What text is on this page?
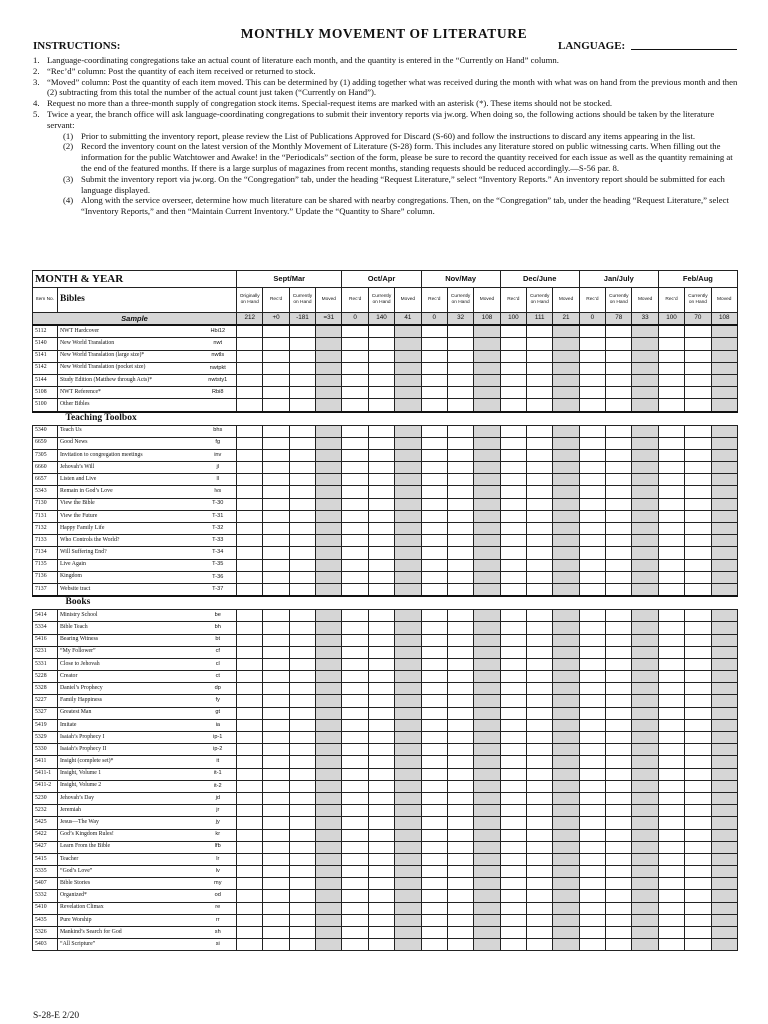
MONTHLY MOVEMENT OF LITERATURE
INSTRUCTIONS:	LANGUAGE:
1. Language-coordinating congregations take an actual count of literature each month, and the quantity is entered in the “Currently on Hand” column.
2. “Rec’d” column: Post the quantity of each item received or returned to stock.
3. “Moved” column: Post the quantity of each item moved. This can be determined by (1) adding together what was received during the month with what was on hand from the previous month and then (2) subtracting from this total the number of the actual count just taken (“Currently on Hand”).
4. Request no more than a three-month supply of congregation stock items. Special-request items are marked with an asterisk (*). These items should not be stocked.
5. Twice a year, the branch office will ask language-coordinating congregations to submit their inventory reports via jw.org. When doing so, the following actions should be taken by the literature servant:
(1) Prior to submitting the inventory report, please review the List of Publications Approved for Discard (S-60) and follow the instructions to discard any items appearing in the list.
(2) Record the inventory count on the latest version of the Monthly Movement of Literature (S-28) form. This includes any literature stored on public witnessing carts. When filling out the information for the public Watchtower and Awake! in the “Periodicals” section of the form, please be sure to record the quantity received for each issue as well as the quantity remaining at the end of the featured months. If there is a large surplus of magazines from recent months, standing requests should be reduced accordingly.—S-56 par. 8.
(3) Submit the inventory report via jw.org. On the “Congregation” tab, under the heading “Request Literature,” select “Inventory Reports.” An inventory report should be submitted for each language displayed.
(4) Along with the service overseer, determine how much literature can be shared with nearby congregations. Then, on the “Congregation” tab, under the heading “Request Literature,” select “Inventory Reports,” and then “Maintain Current Inventory.” Update the “Quantity to Share” column.
MONTH & YEAR			Sept/Mar				Oct/Apr			Nov/May			Dec/June			Jan/July			Feb/Aug		
Item No.	Bibles		Originally on Hand	Rec’d	Currently on Hand	Moved	Rec’d	Currently on Hand	Moved	Rec’d	Currently on Hand	Moved	Rec’d	Currently on Hand	Moved	Rec’d	Currently on Hand	Moved	Rec’d	Currently on Hand	Moved
Sample			212	+0	-181	=31	0	140	41	0	32	108	100	111	21	0	78	33	100	70	108
5112	NWT Hardcover	Hbi12																			
5140	New World Translation	nwt																			
5141	New World Translation (large size)*	nwtls																			
5142	New World Translation (pocket size)	nwtpkt																			
5144	Study Edition (Matthew through Acts)*	nwtsty1																			
5108	NWT Reference*	Rbi8																			
5100	Other Bibles																				
Teaching Toolbox																					
5340	Teach Us	bhs																			
6659	Good News	fg																			
7305	Invitation to congregation meetings	inv																			
6660	Jehovah’s Will	jl																			
6657	Listen and Live	ll																			
5343	Remain in God’s Love	lvs																			
7130	View the Bible	T-30																			
7131	View the Future	T-31																			
7132	Happy Family Life	T-32																			
7133	Who Controls the World?	T-33																			
7134	Will Suffering End?	T-34																			
7135	Live Again	T-35																			
7136	Kingdom	T-36																			
7137	Website tract	T-37																			
Books																					
5414	Ministry School	be																			
5334	Bible Teach	bh																			
5416	Bearing Witness	bt																			
5231	“My Follower”	cf																			
5331	Close to Jehovah	cl																			
5228	Creator	ct																			
5328	Daniel’s Prophecy	dp																			
5227	Family Happiness	fy																			
5327	Greatest Man	gt																			
5419	Imitate	ia																			
5329	Isaiah’s Prophecy I	ip-1																			
5330	Isaiah’s Prophecy II	ip-2																			
5411	Insight (complete set)*	it																			
5411-1	Insight, Volume 1	it-1																			
5411-2	Insight, Volume 2	it-2																			
5230	Jehovah’s Day	jd																			
5232	Jeremiah	jr																			
5425	Jesus—The Way	jy																			
5422	God’s Kingdom Rules!	kr																			
5427	Learn From the Bible	lfb																			
5415	Teacher	lr																			
5335	“God’s Love”	lv																			
5407	Bible Stories	my																			
5332	Organized*	od																			
5410	Revelation Climax	re																			
5435	Pure Worship	rr																			
5326	Mankind’s Search for God	sh																			
5403	“All Scripture”	si																			
S-28-E 2/20
